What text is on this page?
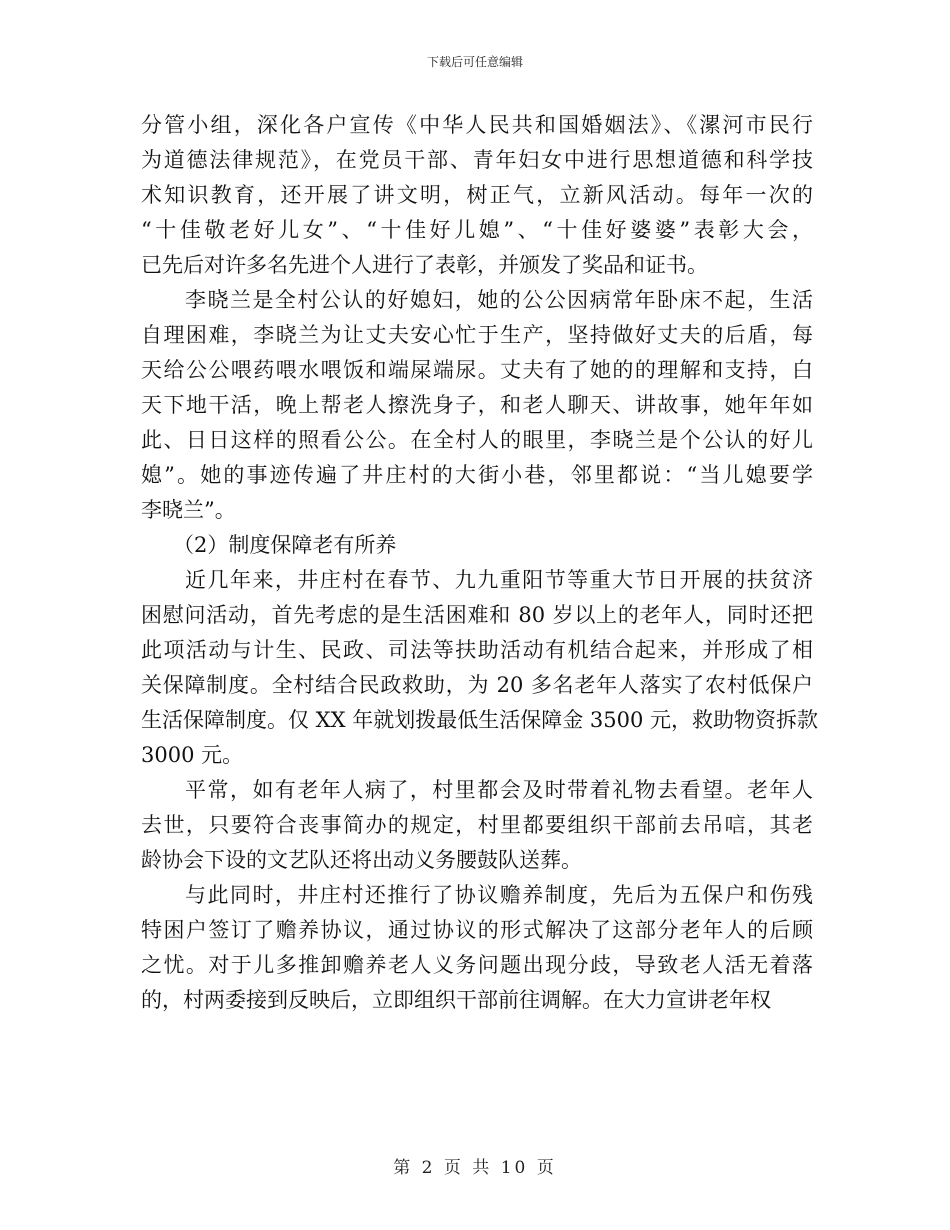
下载后可任意编辑
分管小组，深化各户宣传《中华人民共和国婚姻法》、《漯河市民行
为道德法律规范》，在党员干部、青年妇女中进行思想道德和科学技
术知识教育，还开展了讲文明，树正气，立新风活动。每年一次的
“十佳敬老好儿女”、“十佳好儿媳”、“十佳好婆婆”表彰大会，
已先后对许多名先进个人进行了表彰，并颁发了奖品和证书。
李晓兰是全村公认的好媳妇，她的公公因病常年卧床不起，生活
自理困难，李晓兰为让丈夫安心忙于生产，坚持做好丈夫的后盾，每
天给公公喂药喂水喂饭和端屎端尿。丈夫有了她的的理解和支持，白
天下地干活，晚上帮老人擦洗身子，和老人聊天、讲故事，她年年如
此、日日这样的照看公公。在全村人的眼里，李晓兰是个公认的好儿
媳”。她的事迹传遍了井庄村的大街小巷，邻里都说：“当儿媳要学
李晓兰”。
（2）制度保障老有所养
近几年来，井庄村在春节、九九重阳节等重大节日开展的扶贫济
困慰问活动，首先考虑的是生活困难和 80 岁以上的老年人，同时还把
此项活动与计生、民政、司法等扶助活动有机结合起来，并形成了相
关保障制度。全村结合民政救助，为 20 多名老年人落实了农村低保户
生活保障制度。仅 XX 年就划拨最低生活保障金 3500 元，救助物资拆款
3000 元。
平常，如有老年人病了，村里都会及时带着礼物去看望。老年人
去世，只要符合丧事简办的规定，村里都要组织干部前去吊唁，其老
龄协会下设的文艺队还将出动义务腰鼓队送葬。
与此同时，井庄村还推行了协议赡养制度，先后为五保户和伤残
特困户签订了赡养协议，通过协议的形式解决了这部分老年人的后顾
之忧。对于儿多推卸赡养老人义务问题出现分歧，导致老人活无着落
的，村两委接到反映后，立即组织干部前往调解。在大力宣讲老年权
第 2 页 共 10 页
